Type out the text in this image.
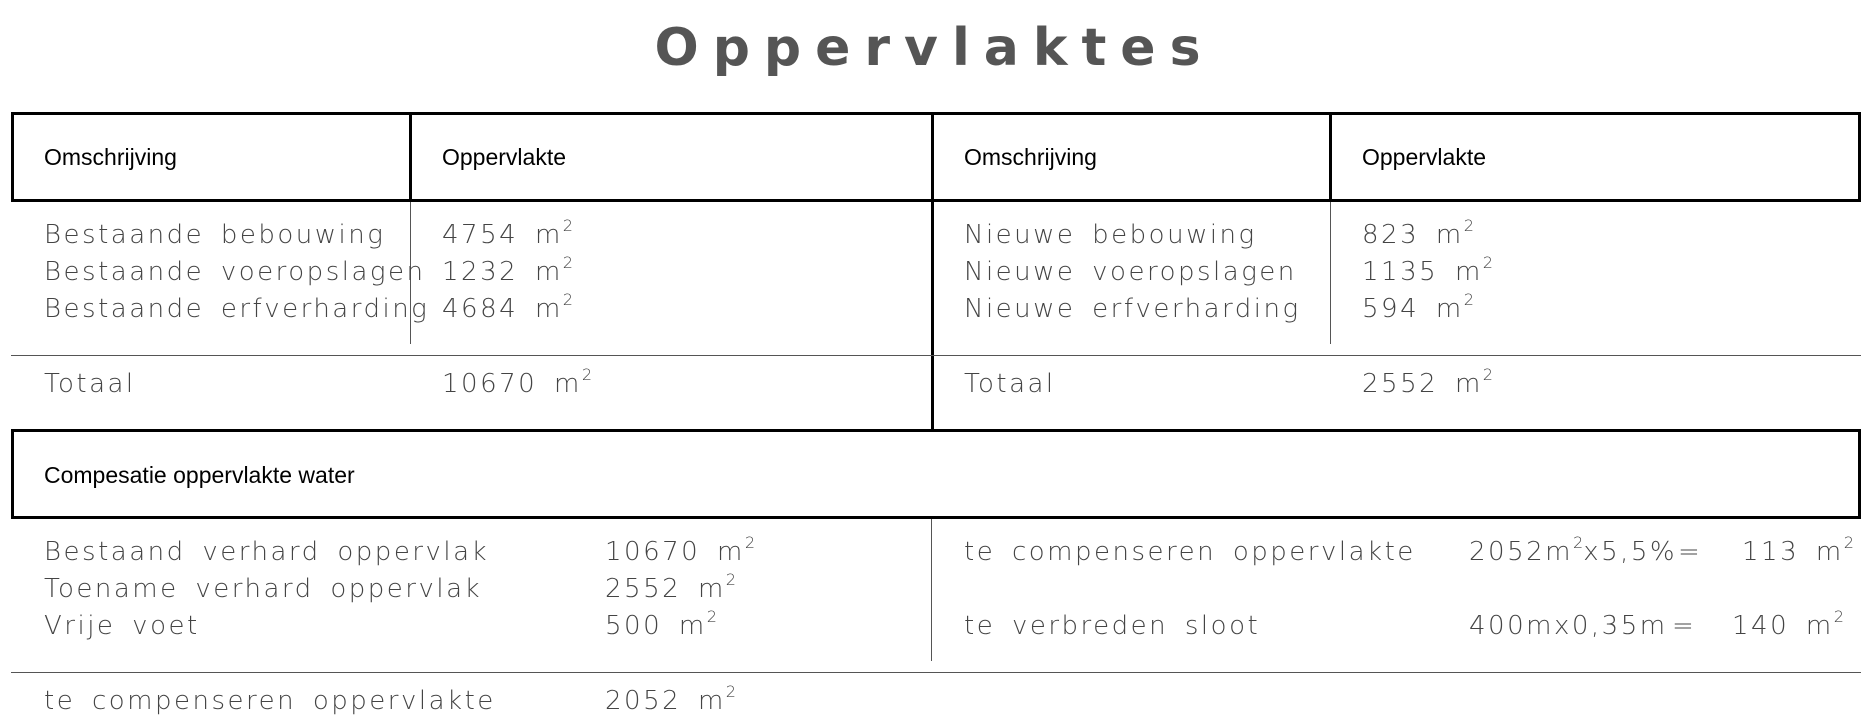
Oppervlaktes
Omschrijving	Oppervlakte	Omschrijving	Oppervlakte
Bestaande bebouwing 4754 $m^2$
Bestaande voeropslagen 1232 $m^2$
Bestaande erfverharding 4684 $m^2$
Totaal	10670 $m^2$
Nieuwe bebouwing	823 $m^2$
Nieuwe voeropslagen	1135 $m^2$
Nieuwe erfverharding 594 $m^2$
Totaal	2552 $m^2$
Compesatie oppervlakte water
Bestaand verhard oppervlak	10670 $m^2$
Toename verhard oppervlak	2552 $m^2$
Vrije voet	500 $m^2$
te compenseren oppervlakte	2052 $m^2$
te compenseren oppervlakte $2052m^2x5,5\% = 113$ $m^2$
te verbreden sloot	400mx0,35m = 140 $m^2$
